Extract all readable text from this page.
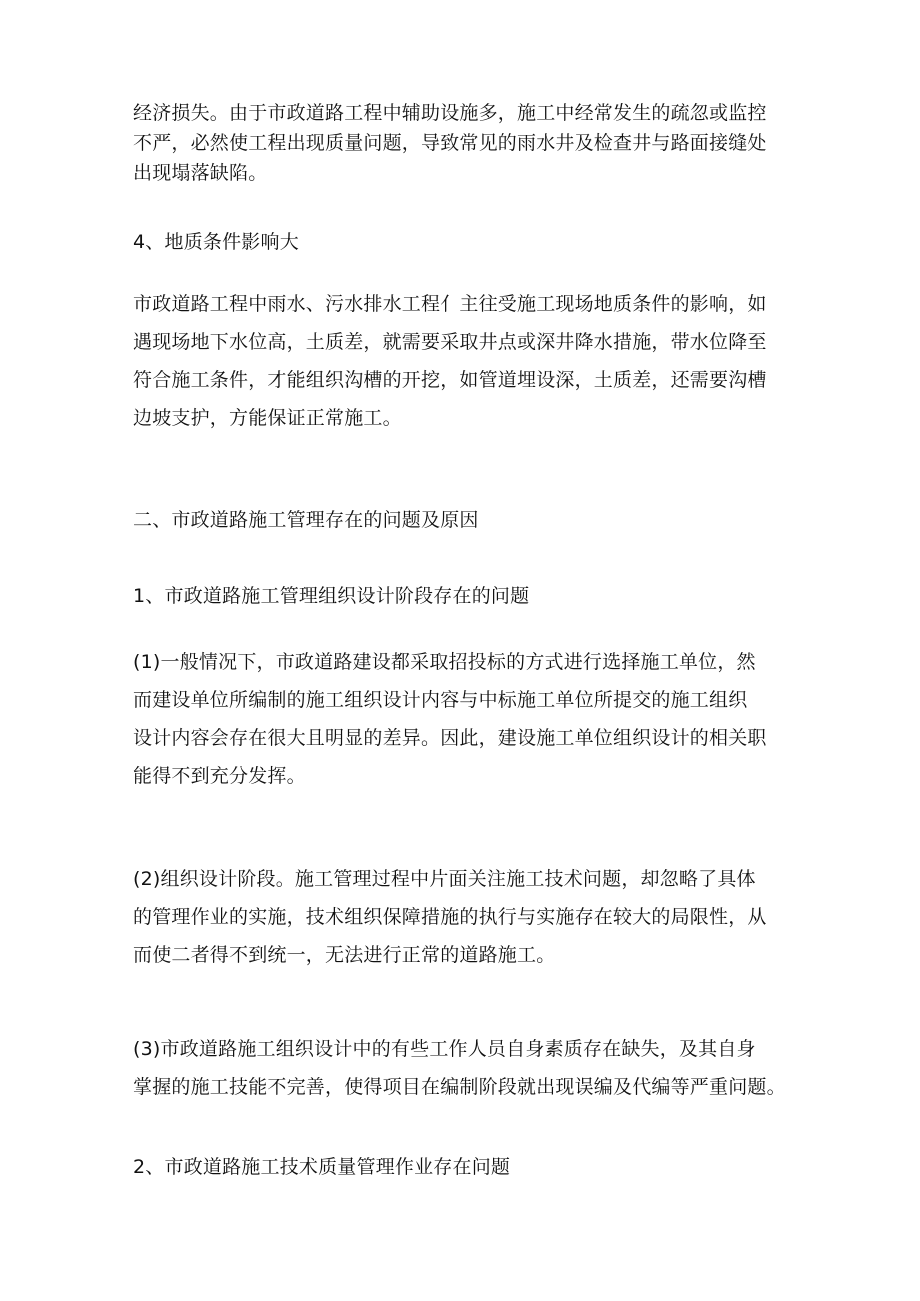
经济损失。由于市政道路工程中辅助设施多，施工中经常发生的疏忽或监控
不严，必然使工程出现质量问题，导致常见的雨水井及检查井与路面接缝处
出现塌落缺陷。
4、地质条件影响大
市政道路工程中雨水、污水排水工程亻主往受施工现场地质条件的影响，如
遇现场地下水位高，土质差，就需要采取井点或深井降水措施，带水位降至
符合施工条件，才能组织沟槽的开挖，如管道埋设深，土质差，还需要沟槽
边坡支护，方能保证正常施工。
二、市政道路施工管理存在的问题及原因
1、市政道路施工管理组织设计阶段存在的问题
(1)一般情况下，市政道路建设都采取招投标的方式进行选择施工单位，然
而建设单位所编制的施工组织设计内容与中标施工单位所提交的施工组织
设计内容会存在很大且明显的差异。因此，建设施工单位组织设计的相关职
能得不到充分发挥。
(2)组织设计阶段。施工管理过程中片面关注施工技术问题，却忽略了具体
的管理作业的实施，技术组织保障措施的执行与实施存在较大的局限性，从
而使二者得不到统一，无法进行正常的道路施工。
(3)市政道路施工组织设计中的有些工作人员自身素质存在缺失，及其自身
掌握的施工技能不完善，使得项目在编制阶段就出现误编及代编等严重问题。
2、市政道路施工技术质量管理作业存在问题
